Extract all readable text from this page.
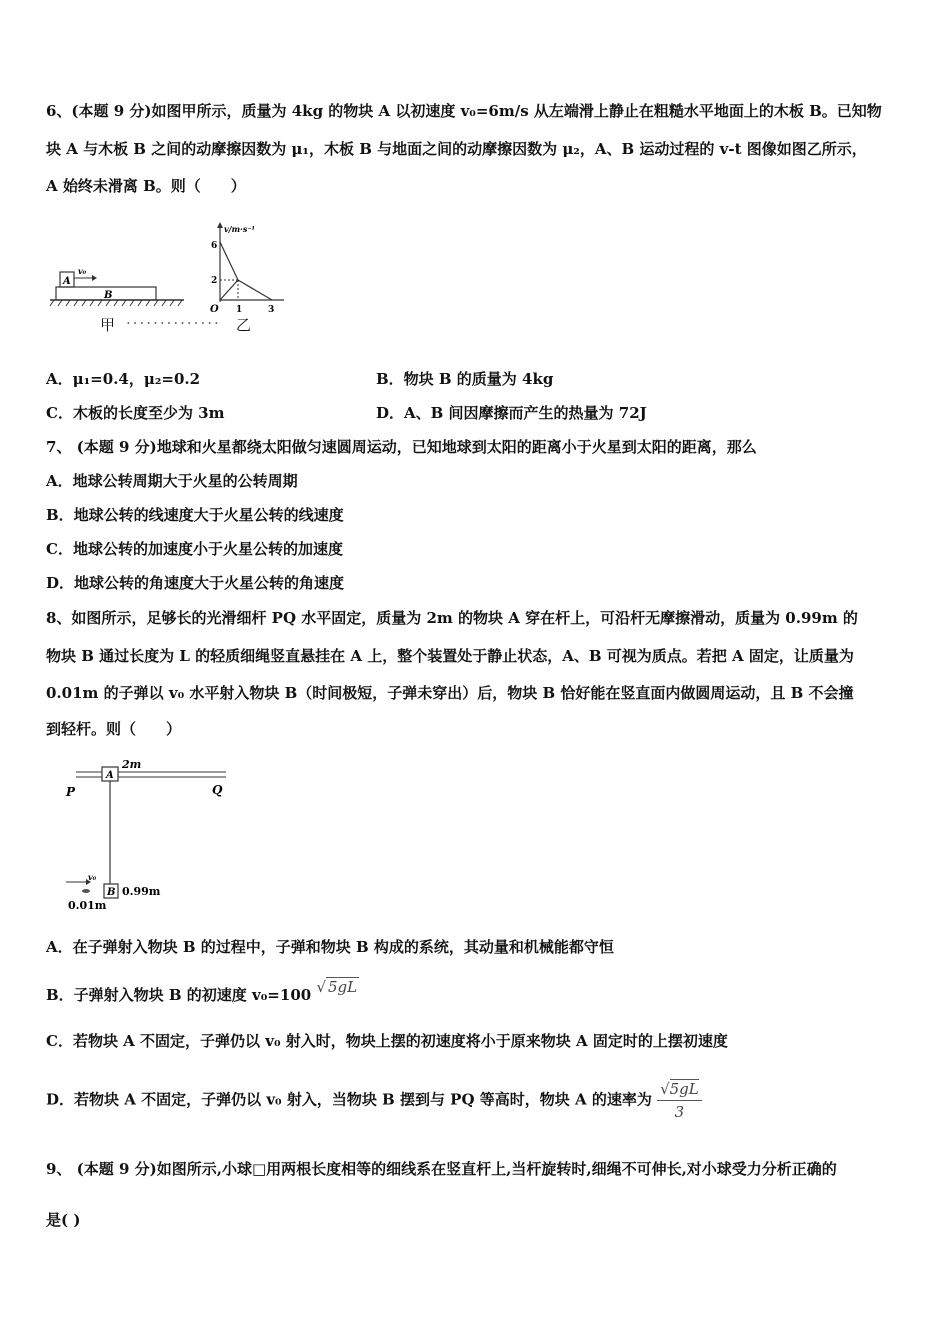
6、(本题 9 分)如图甲所示，质量为 4kg 的物块 A 以初速度 v₀=6m/s 从左端滑上静止在粗糙水平地面上的木板 B。已知物
块 A 与木板 B 之间的动摩擦因数为 μ₁，木板 B 与地面之间的动摩擦因数为 μ₂，A、B 运动过程的 v-t 图像如图乙所示，
A 始终未滑离 B。则（　　）
B
A
v₀
v/m·s⁻¹
6
2
O 1	3
甲 ·············· 乙
A．μ₁=0.4，μ₂=0.2	B．物块 B 的质量为 4kg
C．木板的长度至少为 3m	D．A、B 间因摩擦而产生的热量为 72J
7、 (本题 9 分)地球和火星都绕太阳做匀速圆周运动，已知地球到太阳的距离小于火星到太阳的距离，那么
A．地球公转周期大于火星的公转周期
B．地球公转的线速度大于火星公转的线速度
C．地球公转的加速度小于火星公转的加速度
D．地球公转的角速度大于火星公转的角速度
8、如图所示，足够长的光滑细杆 PQ 水平固定，质量为 2m 的物块 A 穿在杆上，可沿杆无摩擦滑动，质量为 0.99m 的
物块 B 通过长度为 L 的轻质细绳竖直悬挂在 A 上，整个装置处于静止状态，A、B 可视为质点。若把 A 固定，让质量为
0.01m 的子弹以 v₀ 水平射入物块 B（时间极短，子弹未穿出）后，物块 B 恰好能在竖直面内做圆周运动，且 B 不会撞
到轻杆。则（　　）
A
2m
P	Q
B 0.99m
v₀
0.01m
A．在子弹射入物块 B 的过程中，子弹和物块 B 构成的系统，其动量和机械能都守恒
B．子弹射入物块 B 的初速度 v₀=100 √ 5gL
C．若物块 A 不固定，子弹仍以 v₀ 射入时，物块上摆的初速度将小于原来物块 A 固定时的上摆初速度
D．若物块 A 不固定，子弹仍以 v₀ 射入，当物块 B 摆到与 PQ 等高时，物块 A 的速率为 $\frac{√5gL}{3}$
9、 (本题 9 分)如图所示,小球□用两根长度相等的细线系在竖直杆上,当杆旋转时,细绳不可伸长,对小球受力分析正确的
是( )
